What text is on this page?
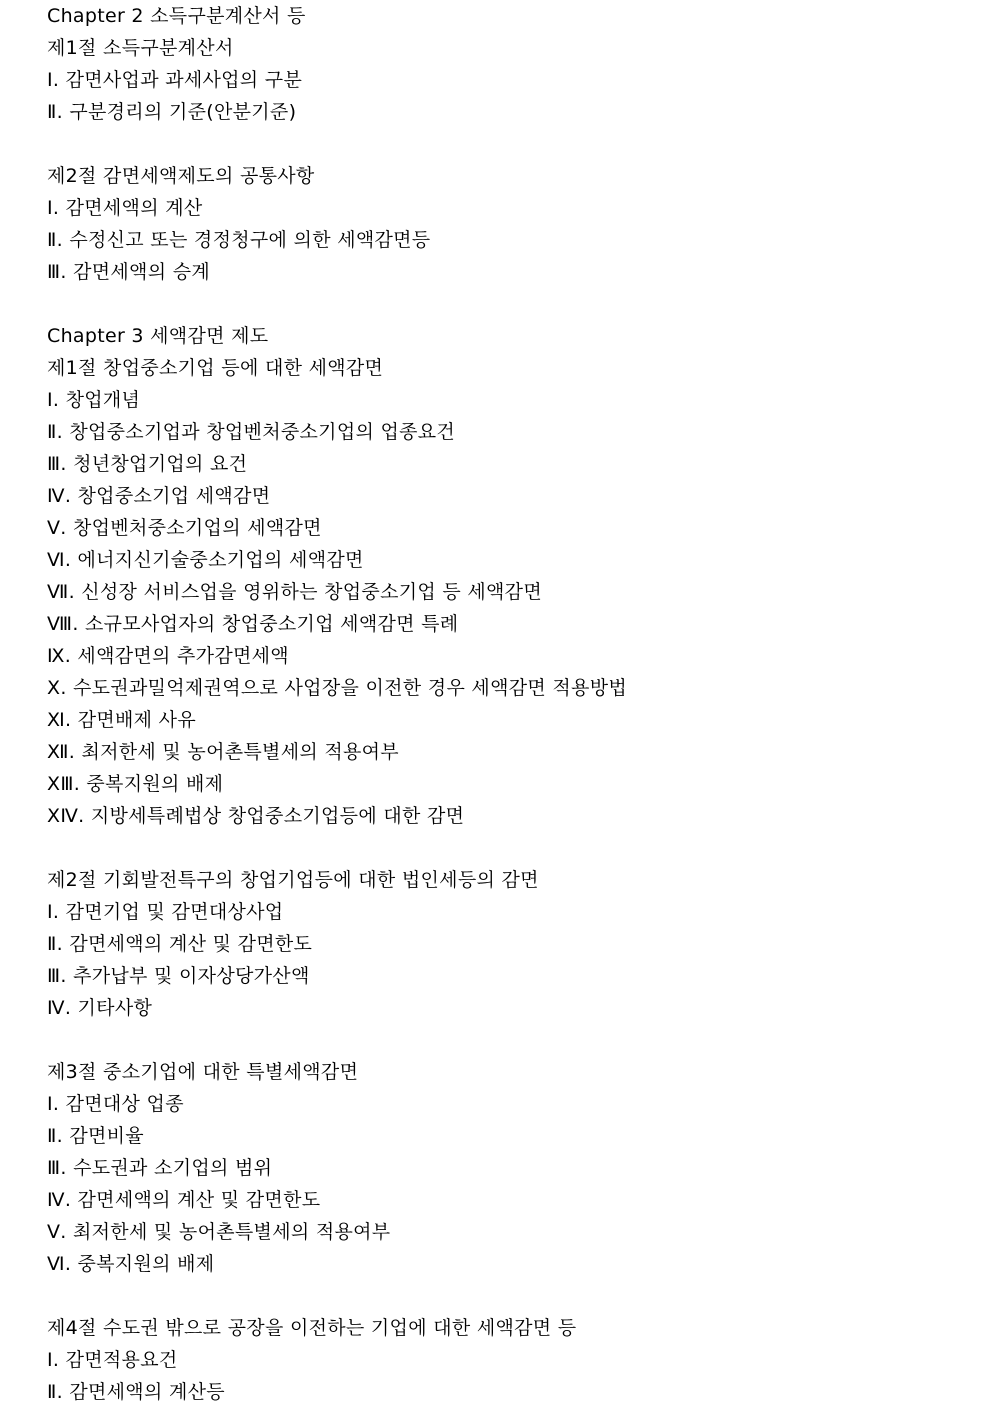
Chapter 2 소득구분계산서 등
제1절 소득구분계산서
Ⅰ. 감면사업과 과세사업의 구분
Ⅱ. 구분경리의 기준(안분기준)
제2절 감면세액제도의 공통사항
Ⅰ. 감면세액의 계산
Ⅱ. 수정신고 또는 경정청구에 의한 세액감면등
Ⅲ. 감면세액의 승계
Chapter 3 세액감면 제도
제1절 창업중소기업 등에 대한 세액감면
Ⅰ. 창업개념
Ⅱ. 창업중소기업과 창업벤처중소기업의 업종요건
Ⅲ. 청년창업기업의 요건
Ⅳ. 창업중소기업 세액감면
Ⅴ. 창업벤처중소기업의 세액감면
Ⅵ. 에너지신기술중소기업의 세액감면
Ⅶ. 신성장 서비스업을 영위하는 창업중소기업 등 세액감면
Ⅷ. 소규모사업자의 창업중소기업 세액감면 특례
Ⅸ. 세액감면의 추가감면세액
Ⅹ. 수도권과밀억제권역으로 사업장을 이전한 경우 세액감면 적용방법
Ⅺ. 감면배제 사유
Ⅻ. 최저한세 및 농어촌특별세의 적용여부
ⅩⅢ. 중복지원의 배제
ⅩⅣ. 지방세특례법상 창업중소기업등에 대한 감면
제2절 기회발전특구의 창업기업등에 대한 법인세등의 감면
Ⅰ. 감면기업 및 감면대상사업
Ⅱ. 감면세액의 계산 및 감면한도
Ⅲ. 추가납부 및 이자상당가산액
Ⅳ. 기타사항
제3절 중소기업에 대한 특별세액감면
Ⅰ. 감면대상 업종
Ⅱ. 감면비율
Ⅲ. 수도권과 소기업의 범위
Ⅳ. 감면세액의 계산 및 감면한도
Ⅴ. 최저한세 및 농어촌특별세의 적용여부
Ⅵ. 중복지원의 배제
제4절 수도권 밖으로 공장을 이전하는 기업에 대한 세액감면 등
Ⅰ. 감면적용요건
Ⅱ. 감면세액의 계산등
